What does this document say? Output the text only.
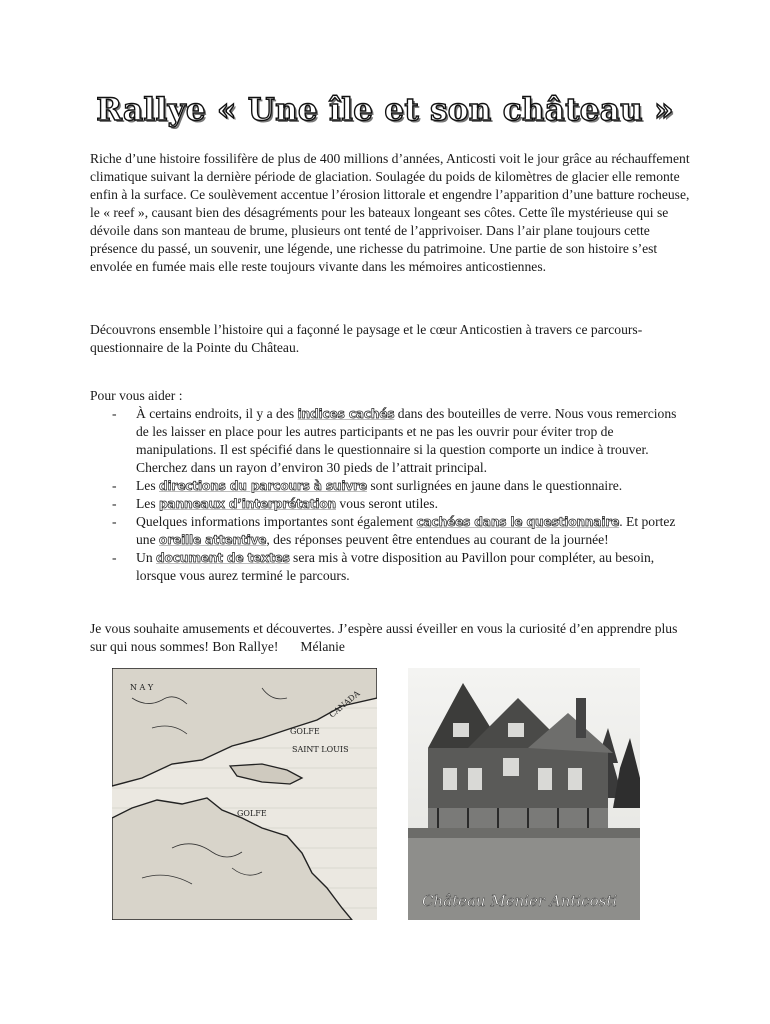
Rallye « Une île et son château »

Riche d’une histoire fossilifère de plus de 400 millions d’années, Anticosti voit le jour grâce au réchauffement climatique suivant la dernière période de glaciation. Soulagée du poids de kilomètres de glacier elle remonte enfin à la surface. Ce soulèvement accentue l’érosion littorale et engendre l’apparition d’une batture rocheuse, le « reef », causant bien des désagréments pour les bateaux longeant ses côtes. Cette île mystérieuse qui se dévoile dans son manteau de brume, plusieurs ont tenté de l’apprivoiser. Dans l’air plane toujours cette présence du passé, un souvenir, une légende, une richesse du patrimoine. Une partie de son histoire s’est envolée en fumée mais elle reste toujours vivante dans les mémoires anticostiennes.

Découvrons ensemble l’histoire qui a façonné le paysage et le cœur Anticostien à travers ce parcours-questionnaire de la Pointe du Château.

Pour vous aider :

- À certains endroits, il y a des indices cachés dans des bouteilles de verre. Nous vous remercions de les laisser en place pour les autres participants et ne pas les ouvrir pour éviter trop de manipulations. Il est spécifié dans le questionnaire si la question comporte un indice à trouver. Cherchez dans un rayon d’environ 30 pieds de l’attrait principal.
- Les directions du parcours à suivre sont surlignées en jaune dans le questionnaire.
- Les panneaux d’interprétation vous seront utiles.
- Quelques informations importantes sont également cachées dans le questionnaire. Et portez une oreille attentive, des réponses peuvent être entendues au courant de la journée!
- Un document de textes sera mis à votre disposition au Pavillon pour compléter, au besoin, lorsque vous aurez terminé le parcours.

Je vous souhaite amusements et découvertes. J’espère aussi éveiller en vous la curiosité d’en apprendre plus sur qui nous sommes! Bon Rallye! Mélanie

N A Y
GOLFE
GOLFE
SAINT LOUIS
CANADA
Château Menier Anticosti
